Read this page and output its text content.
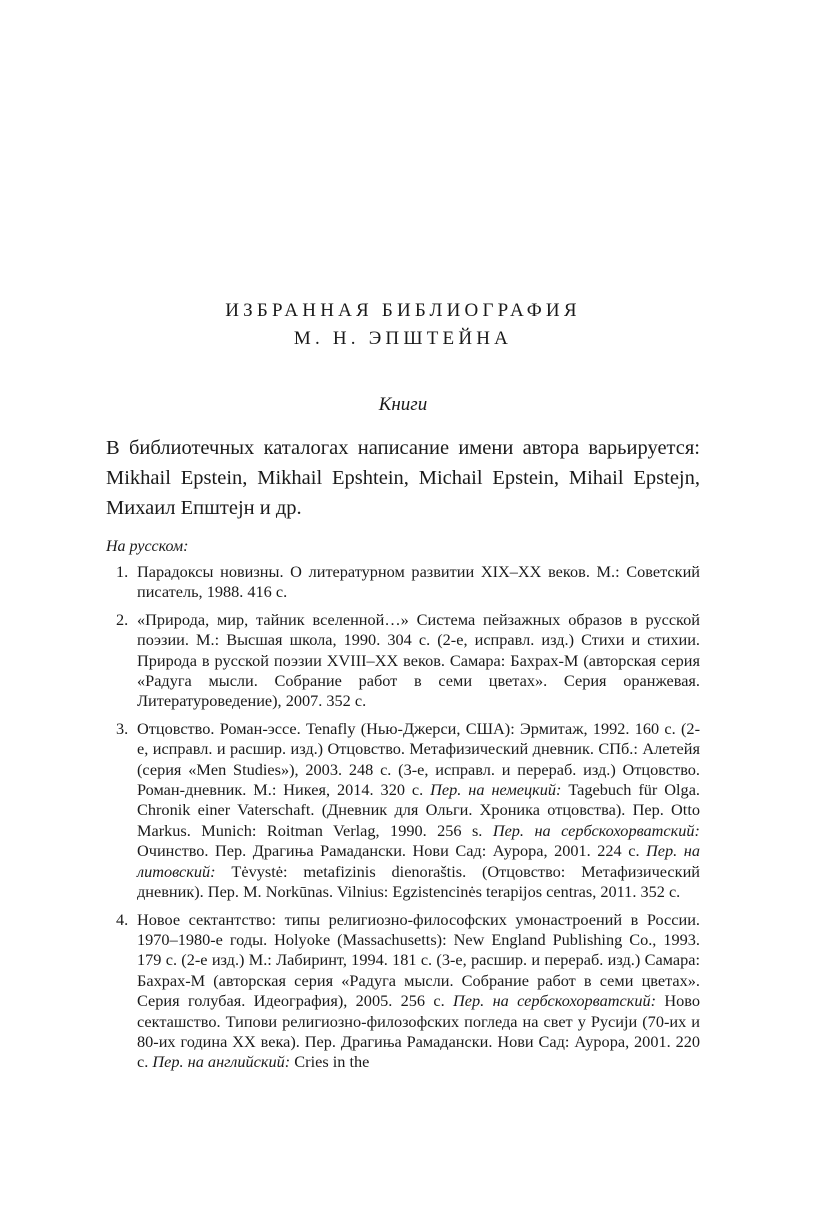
ИЗБРАННАЯ БИБЛИОГРАФИЯ
М. Н. ЭПШТЕЙНА
Книги
В библиотечных каталогах написание имени автора варьируется: Mikhail Epstein, Mikhail Epshtein, Michail Epstein, Mihail Epstejn, Михаил Епштејн и др.
На русском:
1. Парадоксы новизны. О литературном развитии XIX–XX веков. М.: Советский писатель, 1988. 416 с.
2. «Природа, мир, тайник вселенной…» Система пейзажных образов в русской поэзии. М.: Высшая школа, 1990. 304 с. (2-е, исправл. изд.) Стихи и стихии. Природа в русской поэзии XVIII–XX веков. Самара: Бахрах-М (авторская серия «Радуга мысли. Собрание работ в семи цветах». Серия оранжевая. Литературоведение), 2007. 352 с.
3. Отцовство. Роман-эссе. Tenafly (Нью-Джерси, США): Эрмитаж, 1992. 160 с. (2-е, исправл. и расшир. изд.) Отцовство. Метафизический дневник. СПб.: Алетейя (серия «Men Studies»), 2003. 248 с. (3-е, исправл. и перераб. изд.) Отцовство. Роман-дневник. М.: Никея, 2014. 320 с. Пер. на немецкий: Tagebuch für Olga. Chronik einer Vaterschaft. (Дневник для Ольги. Хроника отцовства). Пер. Otto Markus. Munich: Roitman Verlag, 1990. 256 s. Пер. на сербскохорватский: Очинство. Пер. Драгиња Рамадански. Нови Сад: Аурора, 2001. 224 с. Пер. на литовский: Tėvystė: metafizinis dienoraštis. (Отцовство: Метафизический дневник). Пер. M. Norkūnas. Vilnius: Egzistencinės terapijos centras, 2011. 352 с.
4. Новое сектантство: типы религиозно-философских умонастроений в России. 1970–1980-е годы. Holyoke (Massachusetts): New England Publishing Co., 1993. 179 с. (2-е изд.) М.: Лабиринт, 1994. 181 с. (3-е, расшир. и перераб. изд.) Самара: Бахрах-М (авторская серия «Радуга мысли. Собрание работ в семи цветах». Серия голубая. Идеография), 2005. 256 с. Пер. на сербскохорватский: Ново секташство. Типови религиозно-филозофских погледа на свет у Русији (70-их и 80-их година XX века). Пер. Драгиња Рамадански. Нови Сад: Аурора, 2001. 220 с. Пер. на английский: Cries in the
